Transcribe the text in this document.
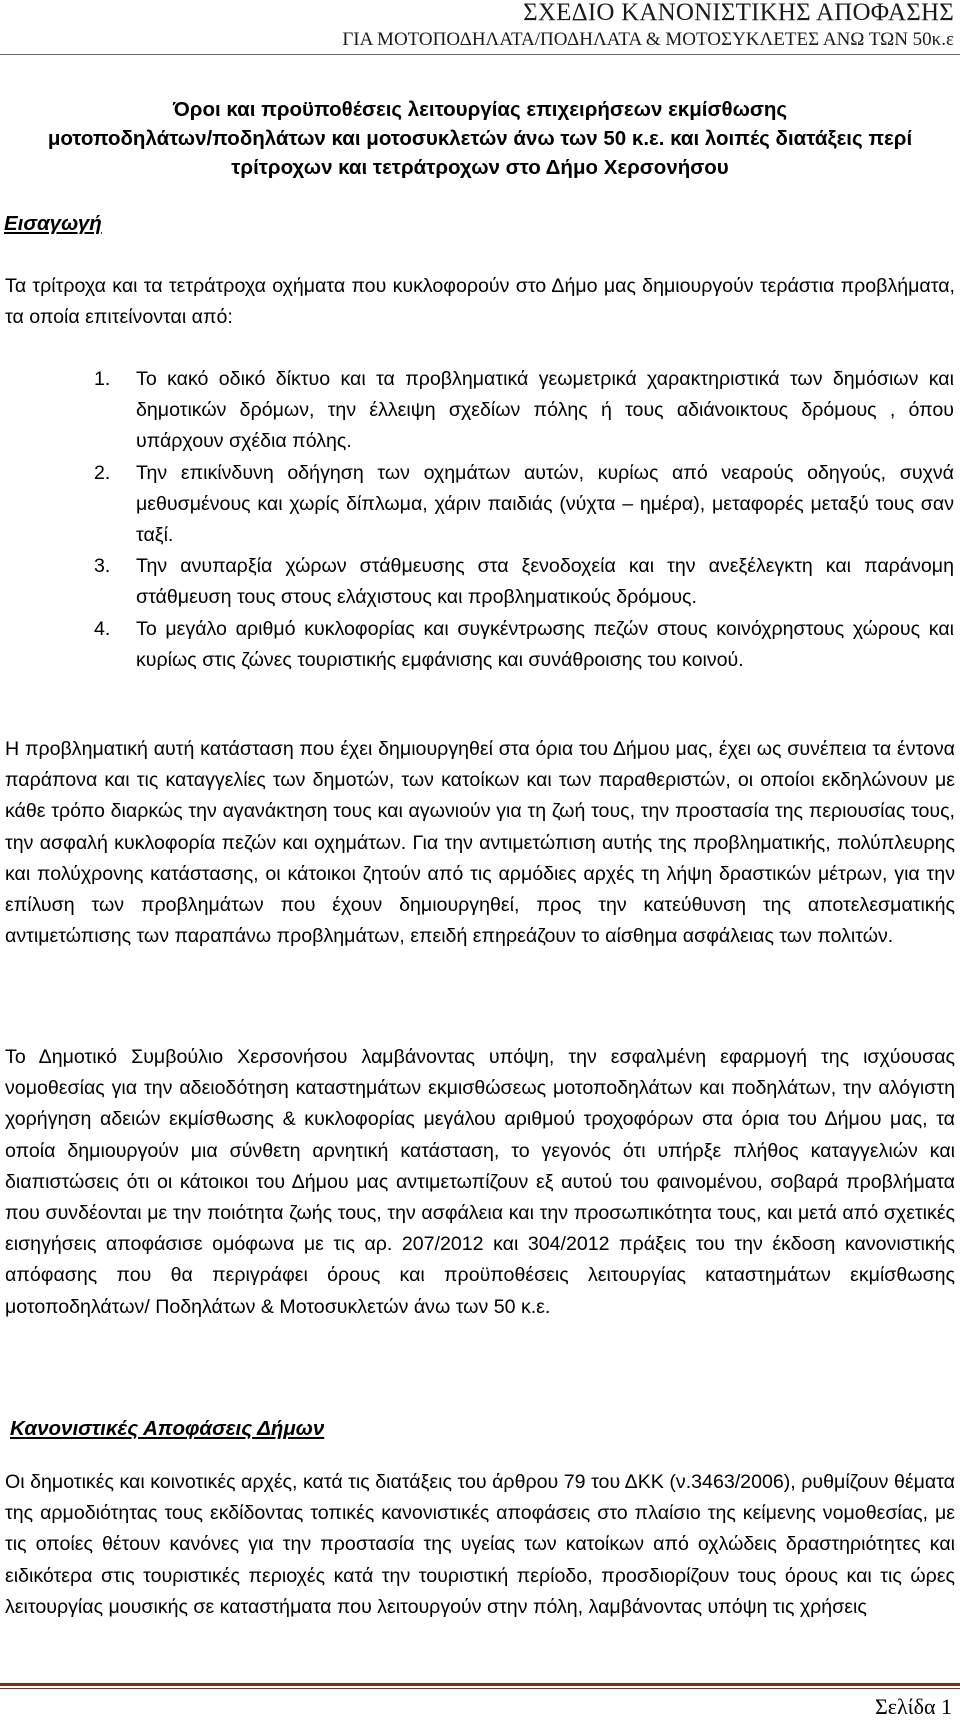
ΣΧΕΔΙΟ ΚΑΝΟΝΙΣΤΙΚΗΣ ΑΠΟΦΑΣΗΣ
ΓΙΑ ΜΟΤΟΠΟΔΗΛΑΤΑ/ΠΟΔΗΛΑΤΑ & ΜΟΤΟΣΥΚΛΕΤΕΣ ΑΝΩ ΤΩΝ 50κ.ε
Όροι και προϋποθέσεις λειτουργίας επιχειρήσεων εκμίσθωσης
μοτοποδηλάτων/ποδηλάτων και μοτοσυκλετών άνω των 50 κ.ε. και λοιπές διατάξεις περί
τρίτροχων και τετράτροχων στο Δήμο Χερσονήσου
Εισαγωγή
Τα τρίτροχα και τα τετράτροχα οχήματα που κυκλοφορούν στο Δήμο μας δημιουργούν τεράστια προβλήματα, τα οποία επιτείνονται από:
1. Το κακό οδικό δίκτυο και τα προβληματικά γεωμετρικά χαρακτηριστικά των δημόσιων και δημοτικών δρόμων, την έλλειψη σχεδίων πόλης ή τους αδιάνοικτους δρόμους , όπου υπάρχουν σχέδια πόλης.
2. Την επικίνδυνη οδήγηση των οχημάτων αυτών, κυρίως από νεαρούς οδηγούς, συχνά μεθυσμένους και χωρίς δίπλωμα, χάριν παιδιάς (νύχτα – ημέρα), μεταφορές μεταξύ τους σαν ταξί.
3. Την ανυπαρξία χώρων στάθμευσης στα ξενοδοχεία και την ανεξέλεγκτη και παράνομη στάθμευση τους στους ελάχιστους και προβληματικούς δρόμους.
4. Το μεγάλο αριθμό κυκλοφορίας και συγκέντρωσης πεζών στους κοινόχρηστους χώρους και κυρίως στις ζώνες τουριστικής εμφάνισης και συνάθροισης του κοινού.
Η προβληματική αυτή κατάσταση που έχει δημιουργηθεί στα όρια του Δήμου μας, έχει ως συνέπεια τα έντονα παράπονα και τις καταγγελίες των δημοτών, των κατοίκων και των παραθεριστών, οι οποίοι εκδηλώνουν με κάθε τρόπο διαρκώς την αγανάκτηση τους και αγωνιούν για τη ζωή τους, την προστασία της περιουσίας τους, την ασφαλή κυκλοφορία πεζών και οχημάτων. Για την αντιμετώπιση αυτής της προβληματικής, πολύπλευρης και πολύχρονης κατάστασης, οι κάτοικοι ζητούν από τις αρμόδιες αρχές τη λήψη δραστικών μέτρων, για την επίλυση των προβλημάτων που έχουν δημιουργηθεί, προς την κατεύθυνση της αποτελεσματικής αντιμετώπισης των παραπάνω προβλημάτων, επειδή επηρεάζουν το αίσθημα ασφάλειας των πολιτών.
Το Δημοτικό Συμβούλιο Χερσονήσου λαμβάνοντας υπόψη, την εσφαλμένη εφαρμογή της ισχύουσας νομοθεσίας για την αδειοδότηση καταστημάτων εκμισθώσεως μοτοποδηλάτων και ποδηλάτων, την αλόγιστη χορήγηση αδειών εκμίσθωσης & κυκλοφορίας μεγάλου αριθμού τροχοφόρων στα όρια του Δήμου μας, τα οποία δημιουργούν μια σύνθετη αρνητική κατάσταση, το γεγονός ότι υπήρξε πλήθος καταγγελιών και διαπιστώσεις ότι οι κάτοικοι του Δήμου μας αντιμετωπίζουν εξ αυτού του φαινομένου, σοβαρά προβλήματα που συνδέονται με την ποιότητα ζωής τους, την ασφάλεια και την προσωπικότητα τους, και μετά από σχετικές εισηγήσεις αποφάσισε ομόφωνα με τις αρ. 207/2012 και 304/2012 πράξεις του την έκδοση κανονιστικής απόφασης που θα περιγράφει όρους και προϋποθέσεις λειτουργίας καταστημάτων εκμίσθωσης μοτοποδηλάτων/ Ποδηλάτων & Μοτοσυκλετών άνω των 50 κ.ε.
Κανονιστικές Αποφάσεις Δήμων
Οι δημοτικές και κοινοτικές αρχές, κατά τις διατάξεις του άρθρου 79 του ΔΚΚ (ν.3463/2006), ρυθμίζουν θέματα της αρμοδιότητας τους εκδίδοντας τοπικές κανονιστικές αποφάσεις στο πλαίσιο της κείμενης νομοθεσίας, με τις οποίες θέτουν κανόνες για την προστασία της υγείας των κατοίκων από οχλώδεις δραστηριότητες και ειδικότερα στις τουριστικές περιοχές κατά την τουριστική περίοδο, προσδιορίζουν τους όρους και τις ώρες λειτουργίας μουσικής σε καταστήματα που λειτουργούν στην πόλη, λαμβάνοντας υπόψη τις χρήσεις
Σελίδα 1
